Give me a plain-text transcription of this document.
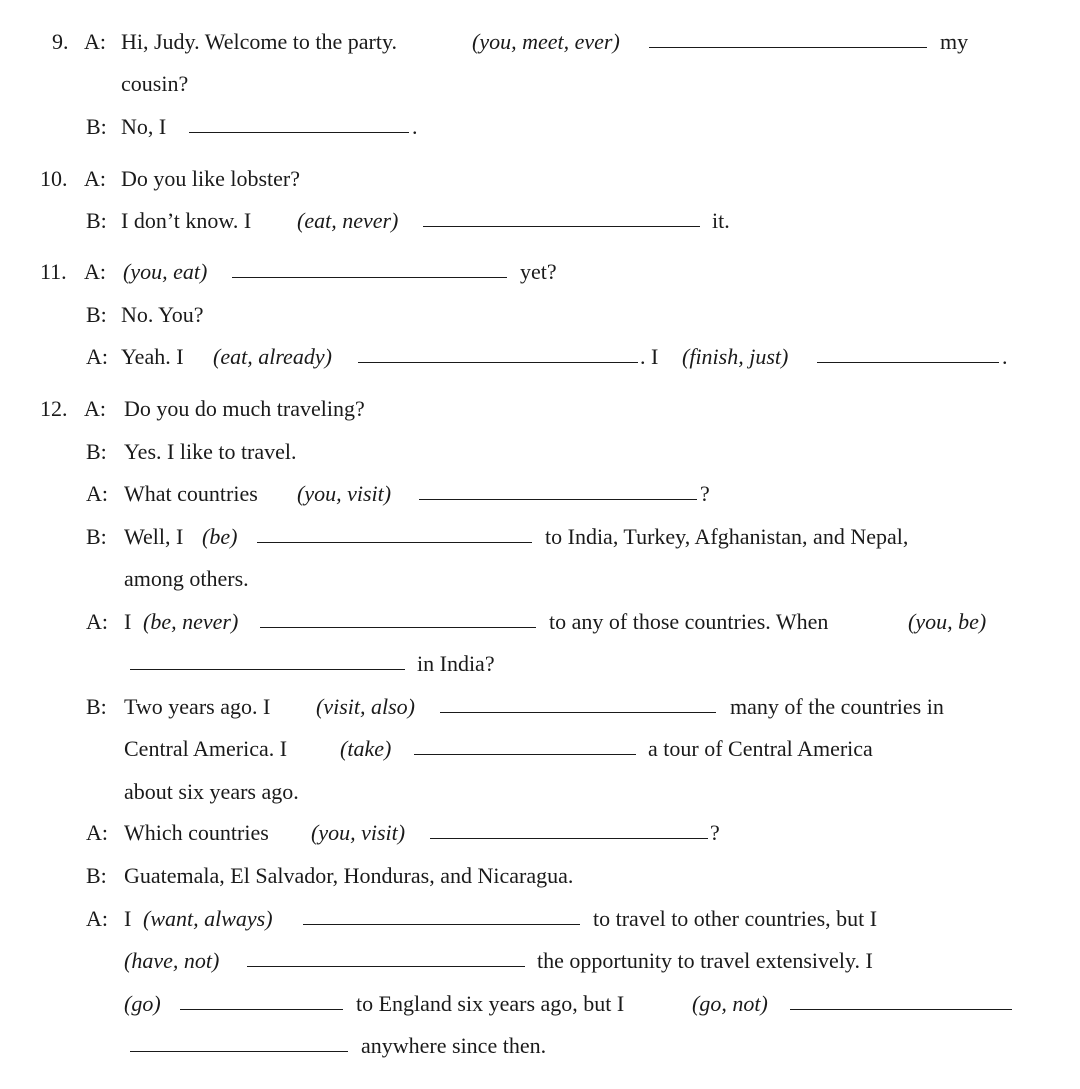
9. A: Hi, Judy. Welcome to the party.	(you, meet, ever)	my
cousin?
B: No, I	.
10. A: Do you like lobster?
B: I don’t know. I (eat, never)	it.
11. A: (you, eat)	yet?
B: No. You?
A: Yeah. I (eat, already)	. I (finish, just)	.
12. A: Do you do much traveling?
B: Yes. I like to travel.
A: What countries (you, visit)	?
B: Well, I (be)	to India, Turkey, Afghanistan, and Nepal,
among others.
A: I (be, never)	to any of those countries. When	(you, be)
in India?
B: Two years ago. I (visit, also)	many of the countries in
Central America. I (take)	a tour of Central America
about six years ago.
A: Which countries (you, visit)	?
B: Guatemala, El Salvador, Honduras, and Nicaragua.
A: I (want, always)	to travel to other countries, but I
(have, not)	the opportunity to travel extensively. I
(go)	to England six years ago, but I	(go, not)
anywhere since then.
